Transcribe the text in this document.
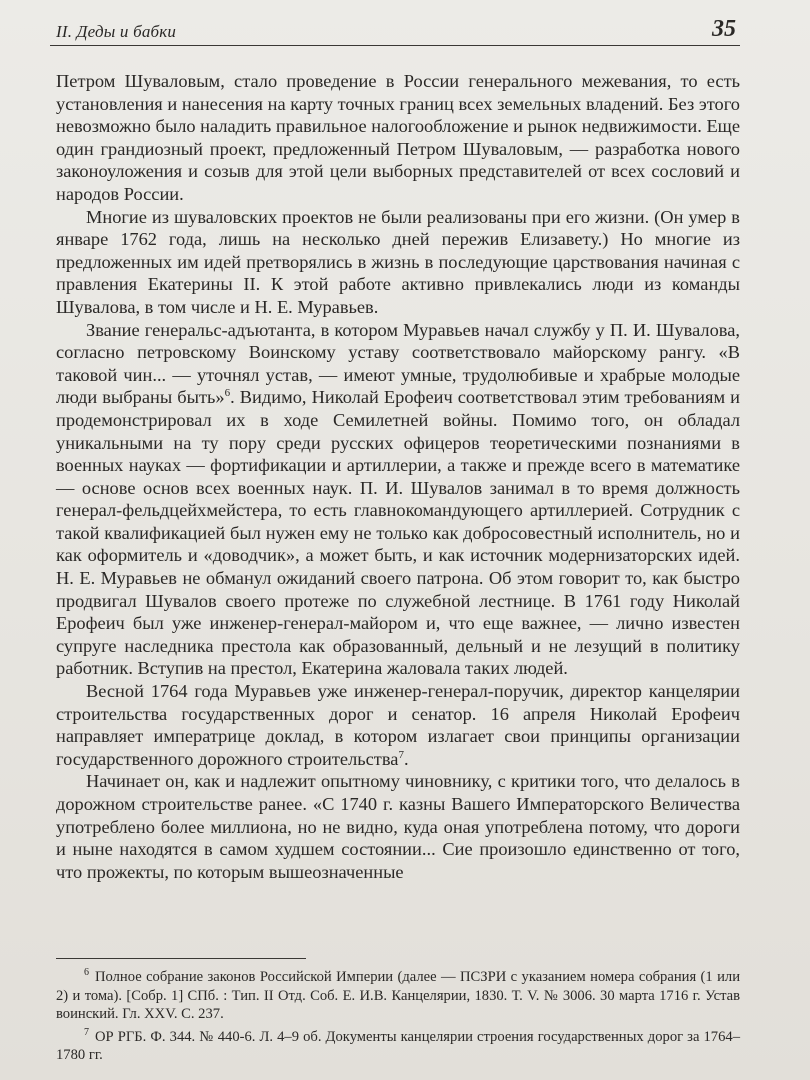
II. Деды и бабки	35

Петром Шуваловым, стало проведение в России генерального межевания, то есть установления и нанесения на карту точных границ всех земельных владений. Без этого невозможно было наладить правильное налогообложение и рынок недвижимости. Еще один грандиозный проект, предложенный Петром Шуваловым, — разработка нового законоуложения и созыв для этой цели выборных представителей от всех сословий и народов России.

Многие из шуваловских проектов не были реализованы при его жизни. (Он умер в январе 1762 года, лишь на несколько дней пережив Елизавету.) Но многие из предложенных им идей претворялись в жизнь в последующие царствования начиная с правления Екатерины II. К этой работе активно привлекались люди из команды Шувалова, в том числе и Н. Е. Муравьев.

Звание генеральс-адъютанта, в котором Муравьев начал службу у П. И. Шувалова, согласно петровскому Воинскому уставу соответствовало майорскому рангу. «В таковой чин... — уточнял устав, — имеют умные, трудолюбивые и храбрые молодые люди выбраны быть»$^6$. Видимо, Николай Ерофеич соответствовал этим требованиям и продемонстрировал их в ходе Семилетней войны. Помимо того, он обладал уникальными на ту пору среди русских офицеров теоретическими познаниями в военных науках — фортификации и артиллерии, а также и прежде всего в математике — основе основ всех военных наук. П. И. Шувалов занимал в то время должность генерал-фельдцейхмейстера, то есть главнокомандующего артиллерией. Сотрудник с такой квалификацией был нужен ему не только как добросовестный исполнитель, но и как оформитель и «доводчик», а может быть, и как источник модернизаторских идей. Н. Е. Муравьев не обманул ожиданий своего патрона. Об этом говорит то, как быстро продвигал Шувалов своего протеже по служебной лестнице. В 1761 году Николай Ерофеич был уже инженер-генерал-майором и, что еще важнее, — лично известен супруге наследника престола как образованный, дельный и не лезущий в политику работник. Вступив на престол, Екатерина жаловала таких людей.

Весной 1764 года Муравьев уже инженер-генерал-поручик, директор канцелярии строительства государственных дорог и сенатор. 16 апреля Николай Ерофеич направляет императрице доклад, в котором излагает свои принципы организации государственного дорожного строительства$^7$.

Начинает он, как и надлежит опытному чиновнику, с критики того, что делалось в дорожном строительстве ранее. «С 1740 г. казны Вашего Императорского Величества употреблено более миллиона, но не видно, куда оная употреблена потому, что дороги и ныне находятся в самом худшем состоянии... Сие произошло единственно от того, что прожекты, по которым вышеозначенные

$^6$ Полное собрание законов Российской Империи (далее — ПСЗРИ с указанием номера собрания (1 или 2) и тома). [Собр. 1] СПб. : Тип. II Отд. Соб. Е. И.В. Канцелярии, 1830. Т. V. № 3006. 30 марта 1716 г. Устав воинский. Гл. XXV. С. 237.

$^7$ ОР РГБ. Ф. 344. № 440-6. Л. 4–9 об. Документы канцелярии строения государственных дорог за 1764–1780 гг.
